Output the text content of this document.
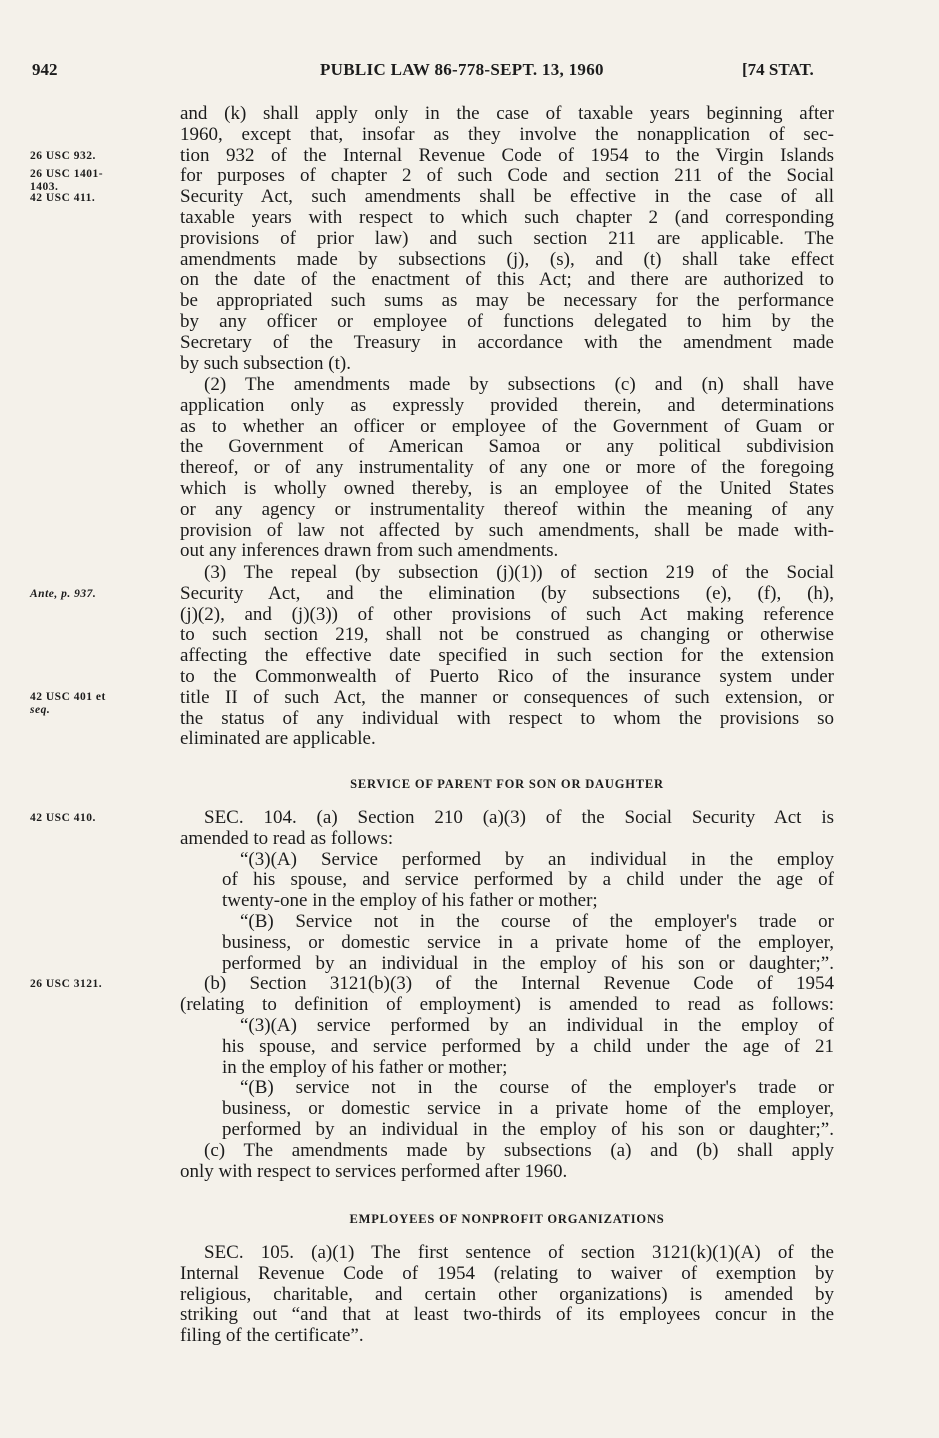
942	PUBLIC LAW 86-778-SEPT. 13, 1960	[74 STAT.
26 USC 932.
26 USC 1401-
1403.
42 USC 411.
Ante, p. 937.
42 USC 401 et
seq.
42 USC 410.
26 USC 3121.
and (k) shall apply only in the case of taxable years beginning after
1960, except that, insofar as they involve the nonapplication of sec-
tion 932 of the Internal Revenue Code of 1954 to the Virgin Islands
for purposes of chapter 2 of such Code and section 211 of the Social
Security Act, such amendments shall be effective in the case of all
taxable years with respect to which such chapter 2 (and corresponding
provisions of prior law) and such section 211 are applicable. The
amendments made by subsections (j), (s), and (t) shall take effect
on the date of the enactment of this Act; and there are authorized to
be appropriated such sums as may be necessary for the performance
by any officer or employee of functions delegated to him by the
Secretary of the Treasury in accordance with the amendment made
by such subsection (t).
(2) The amendments made by subsections (c) and (n) shall have
application only as expressly provided therein, and determinations
as to whether an officer or employee of the Government of Guam or
the Government of American Samoa or any political subdivision
thereof, or of any instrumentality of any one or more of the foregoing
which is wholly owned thereby, is an employee of the United States
or any agency or instrumentality thereof within the meaning of any
provision of law not affected by such amendments, shall be made with-
out any inferences drawn from such amendments.
(3) The repeal (by subsection (j)(1)) of section 219 of the Social
Security Act, and the elimination (by subsections (e), (f), (h),
(j)(2), and (j)(3)) of other provisions of such Act making reference
to such section 219, shall not be construed as changing or otherwise
affecting the effective date specified in such section for the extension
to the Commonwealth of Puerto Rico of the insurance system under
title II of such Act, the manner or consequences of such extension, or
the status of any individual with respect to whom the provisions so
eliminated are applicable.
SERVICE OF PARENT FOR SON OR DAUGHTER
SEC. 104. (a) Section 210 (a)(3) of the Social Security Act is
amended to read as follows:
“(3)(A) Service performed by an individual in the employ
of his spouse, and service performed by a child under the age of
twenty-one in the employ of his father or mother;
“(B) Service not in the course of the employer's trade or
business, or domestic service in a private home of the employer,
performed by an individual in the employ of his son or daughter;”.
(b) Section 3121(b)(3) of the Internal Revenue Code of 1954
(relating to definition of employment) is amended to read as follows:
“(3)(A) service performed by an individual in the employ of
his spouse, and service performed by a child under the age of 21
in the employ of his father or mother;
“(B) service not in the course of the employer's trade or
business, or domestic service in a private home of the employer,
performed by an individual in the employ of his son or daughter;”.
(c) The amendments made by subsections (a) and (b) shall apply
only with respect to services performed after 1960.
EMPLOYEES OF NONPROFIT ORGANIZATIONS
SEC. 105. (a)(1) The first sentence of section 3121(k)(1)(A) of the
Internal Revenue Code of 1954 (relating to waiver of exemption by
religious, charitable, and certain other organizations) is amended by
striking out “and that at least two-thirds of its employees concur in the
filing of the certificate”.
